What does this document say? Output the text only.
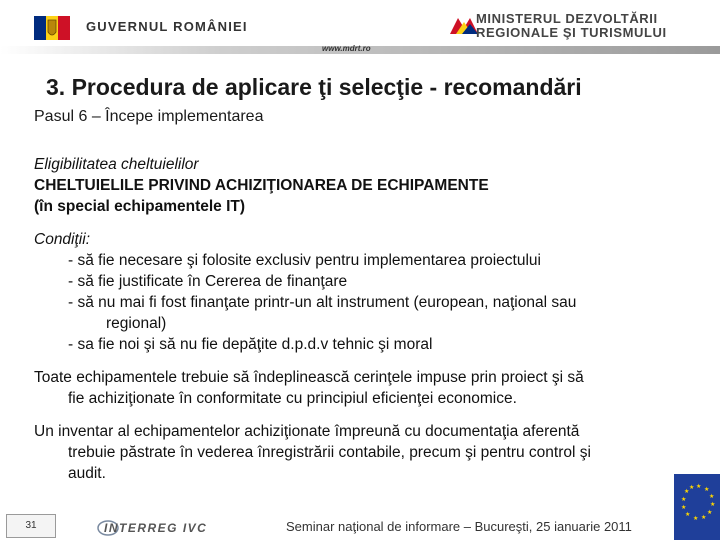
GUVERNUL ROMÂNIEI
MINISTERUL DEZVOLTĂRII
REGIONALE ŞI TURISMULUI
www.mdrt.ro
3. Procedura de aplicare ţi selecţie - recomandări
Pasul 6 – Începe implementarea

Eligibilitatea cheltuielilor

CHELTUIELILE PRIVIND ACHIZIŢIONAREA DE ECHIPAMENTE

(în special echipamentele IT)

Condiţii:

- să fie necesare şi folosite exclusiv pentru implementarea proiectului

- să fie justificate în Cererea de finanţare

- să nu mai fi fost finanţate printr-un alt instrument (european, naţional sau

regional)

- sa fie noi şi să nu fie depăţite d.p.d.v tehnic şi moral

Toate echipamentele trebuie să îndeplinească cerinţele impuse prin proiect şi să

fie achiziţionate în conformitate cu principiul eficienţei economice.

Un inventar al echipamentelor achiziţionate împreună cu documentaţia aferentă

trebuie păstrate în vederea înregistrării contabile, precum şi pentru control şi

audit.

31	INTERREG IVC	Seminar naţional de informare – Bucureşti, 25 ianuarie 2011
★ ★
★
★
★
★
★
★
★
★
★
★
